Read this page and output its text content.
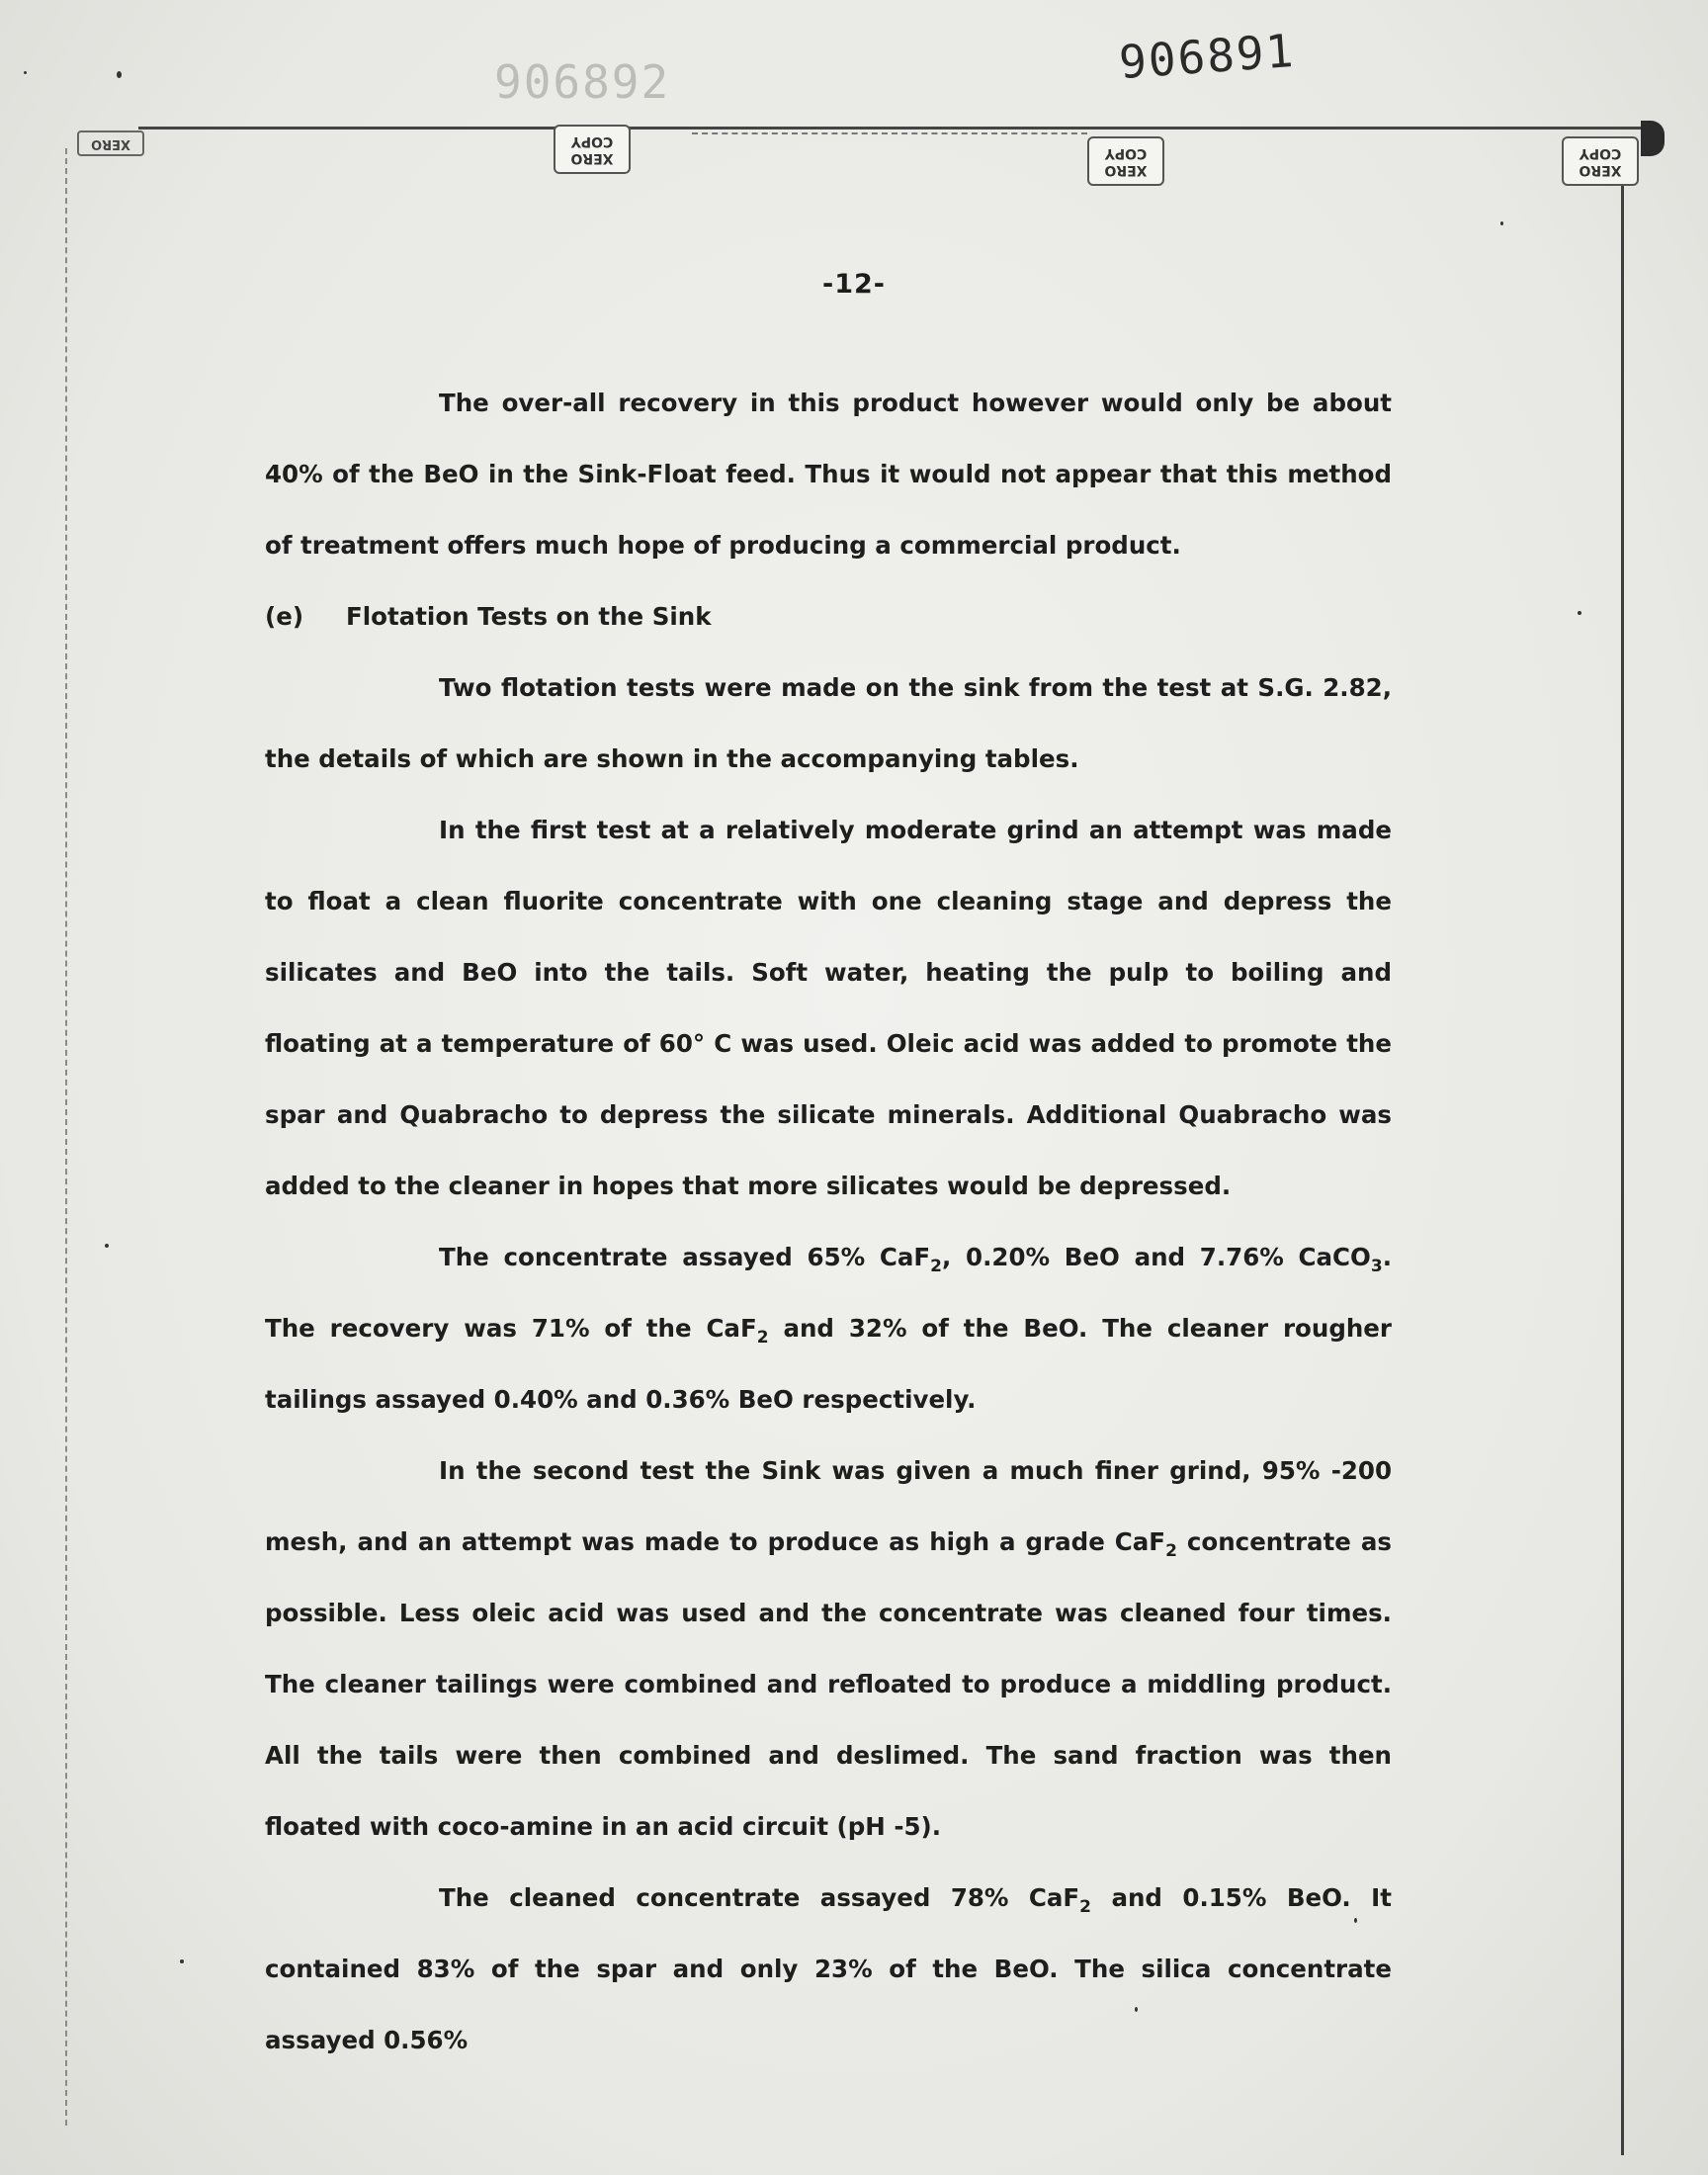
906892	906891
XERO
XERO
COPY
XERO
COPY
XERO
COPY
-12-

The over-all recovery in this product however would only be about 40% of the BeO in the Sink-Float feed. Thus it would not appear that this method of treatment offers much hope of producing a commercial product.

(e)	Flotation Tests on the Sink

Two flotation tests were made on the sink from the test at S.G. 2.82, the details of which are shown in the accompanying tables.

In the first test at a relatively moderate grind an attempt was made to float a clean fluorite concentrate with one cleaning stage and depress the silicates and BeO into the tails. Soft water, heating the pulp to boiling and floating at a temperature of 60° C was used. Oleic acid was added to promote the spar and Quabracho to depress the silicate minerals. Additional Quabracho was added to the cleaner in hopes that more silicates would be depressed.

The concentrate assayed 65% CaF$_2$, 0.20% BeO and 7.76% CaCO$_3$. The recovery was 71% of the CaF$_2$ and 32% of the BeO. The cleaner rougher tailings assayed 0.40% and 0.36% BeO respectively.

In the second test the Sink was given a much finer grind, 95% -200 mesh, and an attempt was made to produce as high a grade CaF$_2$ concentrate as possible. Less oleic acid was used and the concentrate was cleaned four times. The cleaner tailings were combined and refloated to produce a middling product. All the tails were then combined and deslimed. The sand fraction was then floated with coco-amine in an acid circuit (pH -5).

The cleaned concentrate assayed 78% CaF$_2$ and 0.15% BeO. It contained 83% of the spar and only 23% of the BeO. The silica concentrate assayed 0.56%
